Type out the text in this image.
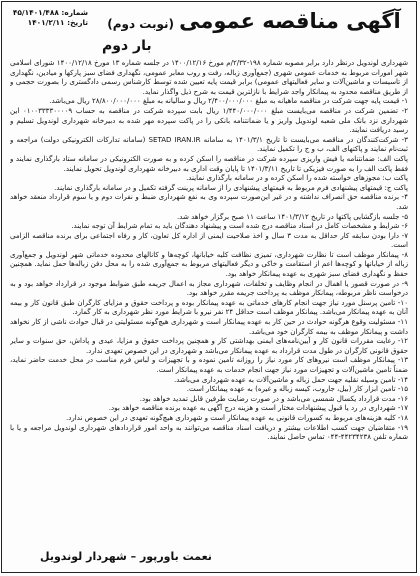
شماره: ۴۵/۱۴۰۱/۴۸۸
تاریخ: ۱۴۰۱/۲/۱۱	آگهی مناقصه عمومی (نوبت دوم)
بار دوم

شهرداری لوندویل درنظر دارد برابر مصوبه شماره ۱۹۸-۲/۳۲/م مورخ ۱۴۰۰/۱۲/۱۶ در جلسه شماره ۱۳ مورخ ۱۴۰۰/۱۲/۱۸ شورای اسلامی شهر امورات مربوط به خدمات عمومی شهری (جمع‌آوری زباله، رفت و روب معابر عمومی، نگهداری فضای سبز پارکها و میادین، نگهداری از تاسیسات و ماشین‌آلات و سایر فعالیتهای عمومی) برابر قیمت پایه تعیین شده توسط کارشناس رسمی دادگستری را بصورت حجمی و از طریق مناقصه محدود به پیمانکار واجد شرایط با نازلترین قیمت به شرح ذیل واگذار نماید.

۱- قیمت پایه جهت شرکت در مناقصه ماهیانه به مبلغ ۲/۴۰۰/۰۰۰/۰۰۰ ریال و سالیانه به مبلغ ۲۸/۸۰۰/۰۰۰/۰۰۰ ریال می‌باشد.

۲- تضمین شرکت در مناقصه می‌بایست مبلغ ۱/۴۴۰/۰۰۰/۰۰۰ ریال بابت سپرده شرکت در مناقصه به حساب ۰۱۰۰۳۳۳۳۰۰۰۰۹ این شهرداری نزد بانک ملی شعبه لوندویل واریز و یا ضمانتنامه بانکی را در پاکت سپرده مهر شده به دبیرخانه شهرداری لوندویل تسلیم و رسید دریافت نمایند.

۳- شرکت‌کنندگان در مناقصه می‌بایست تا تاریخ ۱۴۰۱/۳/۱ به سامانه SETAD IRAN.IR (سامانه تدارکات الکترونیکی دولت) مراجعه و ثبت‌نام نمایند و پاکتهای الف، ب و ج را تکمیل نمایند.

پاکت الف: ضمانتنامه یا فیش واریزی سپرده شرکت در مناقصه را اسکن کرده و به صورت الکترونیکی در سامانه ستاد بارگذاری نمایند و فقط پاکت الف را به صورت فیزیکی تا تاریخ ۱۴۰۱/۳/۱۱ تا پایان وقت اداری به دبیرخانه شهرداری لوندویل تحویل نمایند.

پاکت ب: مجوزهای خواسته شده را اسکن کرده و در سامانه بارگذاری نمایند.

پاکت ج: قیمتهای پیشنهادی فرم مربوط به قیمتهای پیشنهادی را از سامانه پرینت گرفته تکمیل و در سامانه بارگذاری نمایند.

۴- برنده مناقصه حق انصراف نداشته و در غیر این‌صورت سپرده وی به نفع شهرداری ضبط و نفرات دوم و یا سوم قرارداد منعقد خواهد شد.

۵- جلسه بازگشایی پاکتها در تاریخ ۱۴۰۱/۳/۱۲ ساعت ۱۱ صبح برگزار خواهد شد.

۶- شرایط و مشخصات کامل در اسناد مناقصه درج شده است و پیشنهاد دهندگان باید به تمام شرایط آن توجه نمایند.

۷- دارا بودن سابقه کار حداقل به مدت ۳ سال و اخذ صلاحیت ایمنی از اداره کل تعاون، کار و رفاه اجتماعی برای برنده مناقصه الزامی است.

۸- پیمانکار موظف است تا نظارت شهرداری، تمیزی نظافت کلیه خیابانها، کوچه‌ها و کانالهای محدوده خدماتی شهر لوندویل و جمع‌آوری زباله از خیابانها و کوچه‌ها اعم از استقامت و خاکی و دیگر فعالیتهای مربوط به جمع‌آوری شده را به محل دفن زباله‌ها حمل نماید. همچنین حفظ و نگهداری فضای سبز شهری به عهده پیمانکار خواهد بود.

۹- در صورت قصور یا اهمال در انجام وظایف و تخلفات، شهرداری مجاز به اعمال جریمه طبق ضوابط موجود در قرارداد خواهد بود و به درخواست ناظر مربوطه، پیمانکار موظف به پرداخت جریمه مقرر خواهد بود.

۱۰- تامین پرسنل مورد نیاز جهت انجام کارهای خدماتی به عهده پیمانکار بوده و پرداخت حقوق و مزایای کارگران طبق قانون کار و بیمه آنان به عهده پیمانکار می‌باشد. پیمانکار موظف است حداقل ۲۴ نفر نیرو با شرایط مورد نظر شهرداری به کار گمارد.

۱۱- مسئولیت وقوع هرگونه حوادث در حین کار به عهده پیمانکار است و شهرداری هیچ‌گونه مسئولیتی در قبال حوادث ناشی از کار نخواهد داشت و پیمانکار موظف به بیمه کارگران خود می‌باشد.

۱۲- رعایت مقررات قانون کار و آیین‌نامه‌های ایمنی بهداشتی کار و همچنین پرداخت حقوق و مزایا، عیدی و پاداش، حق سنوات و سایر حقوق قانونی کارگران در طول مدت قرارداد به عهده پیمانکار می‌باشد و شهرداری در این خصوص تعهدی ندارد.

۱۳- پیمانکار موظف است نیروهای کار مورد نیاز را روزانه تامین نموده و با تجهیزات و لباس فرم مناسب در محل خدمت حاضر نماید، ضمناً تامین ماشین‌آلات و تجهیزات مورد نیاز جهت انجام خدمات به عهده پیمانکار است.

۱۴- تامین وسیله نقلیه جهت حمل زباله و ماشین‌آلات به عهده شهرداری می‌باشد.

۱۵- تامین ابزار کار (بیل، جاروب، کیسه زباله و غیره) به عهده پیمانکار است.

۱۶- مدت قرارداد یکسال شمسی می‌باشد و در صورت رضایت طرفین قابل تمدید خواهد بود.

۱۷- شهرداری در رد یا قبول پیشنهادات مختار است و هزینه درج آگهی به عهده برنده مناقصه خواهد بود.

۱۸- کلیه هزینه‌های مربوط به کسورات قانونی به عهده پیمانکار است و شهرداری هیچ‌گونه تعهدی در این خصوص ندارد.

۱۹- متقاضیان جهت کسب اطلاعات بیشتر و دریافت اسناد مناقصه می‌توانند به واحد امور قراردادهای شهرداری لوندویل مراجعه و یا با شماره تلفن ۴۴۲۳۴۲۳۸-۰۴۴ تماس حاصل نمایند.

نعمت باورپور – شهردار لوندویل
